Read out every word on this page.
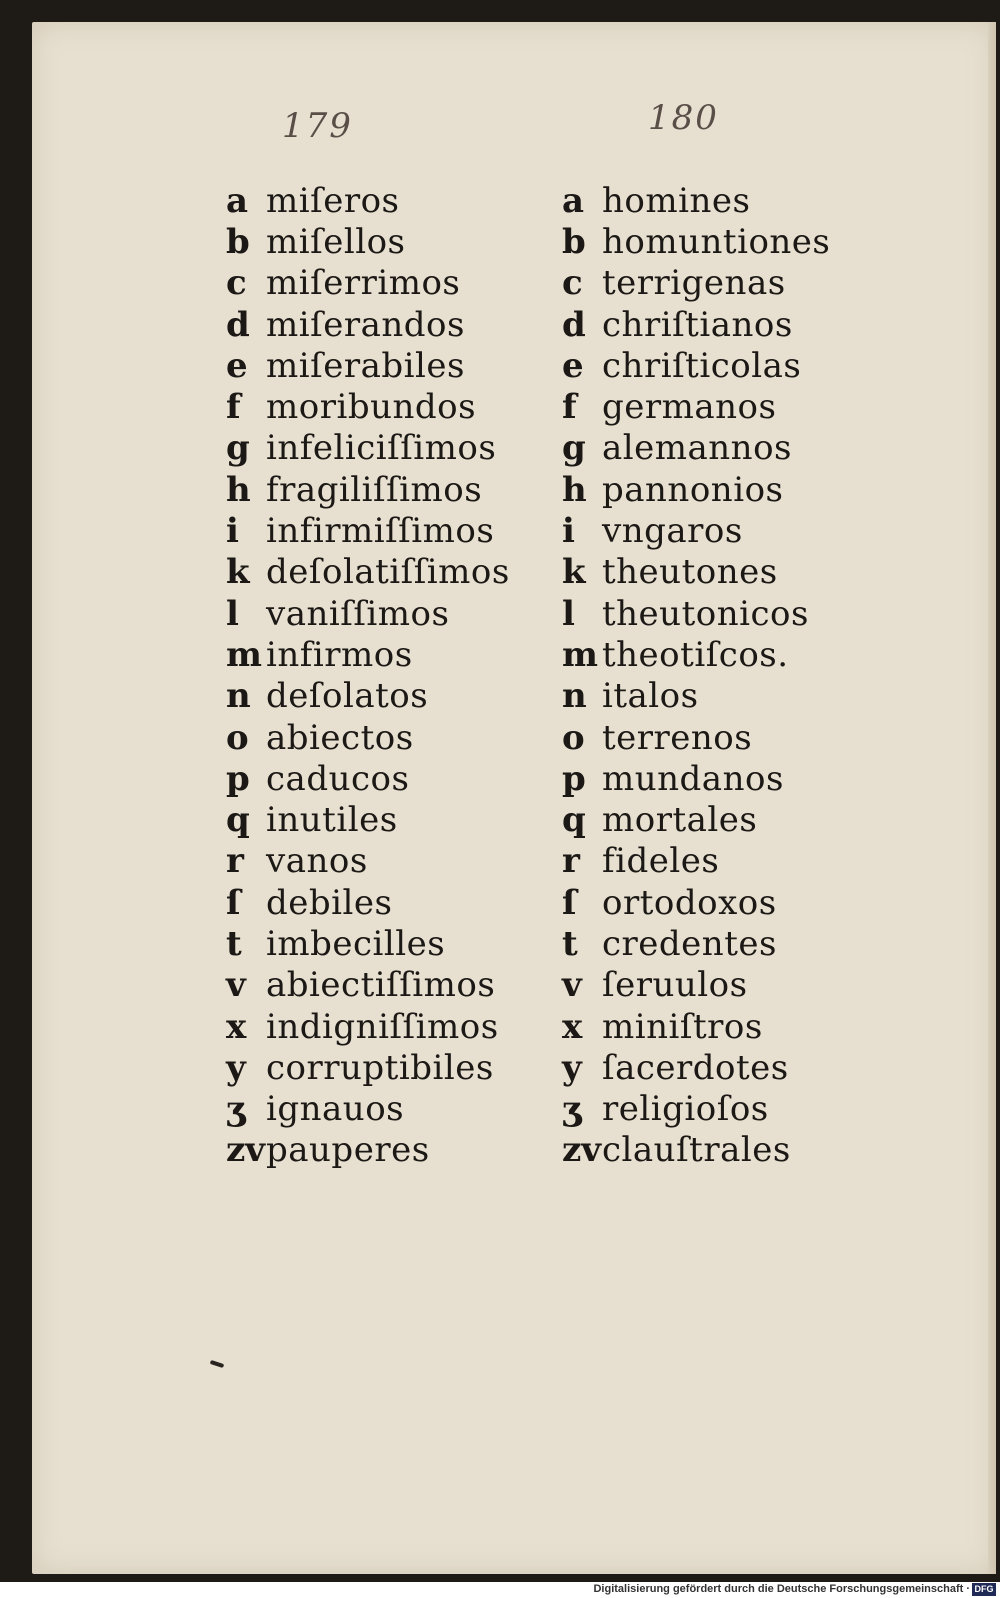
179	180
a miſeros
b miſellos
c miſerrimos
d miſerandos
e miſerabiles
f moribundos
g infeliciſſimos
h fragiliſſimos
i infirmiſſimos
k deſolatiſſimos
l vaniſſimos
m infirmos
n deſolatos
o abiectos
p caducos
q inutiles
r vanos
ſ debiles
t imbecilles
v abiectiſſimos
x indigniſſimos
y corruptibiles
ʒ ignauos
zv pauperes
a homines
b homuntiones
c terrigenas
d chriſtianos
e chriſticolas
f germanos
g alemannos
h pannonios
i vngaros
k theutones
l theutonicos
m theotiſcos.
n italos
o terrenos
p mundanos
q mortales
r fideles
ſ ortodoxos
t credentes
v ſeruulos
x miniſtros
y ſacerdotes
ʒ religioſos
zv clauſtrales
Digitalisierung gefördert durch die Deutsche Forschungsgemeinschaft · DFG
